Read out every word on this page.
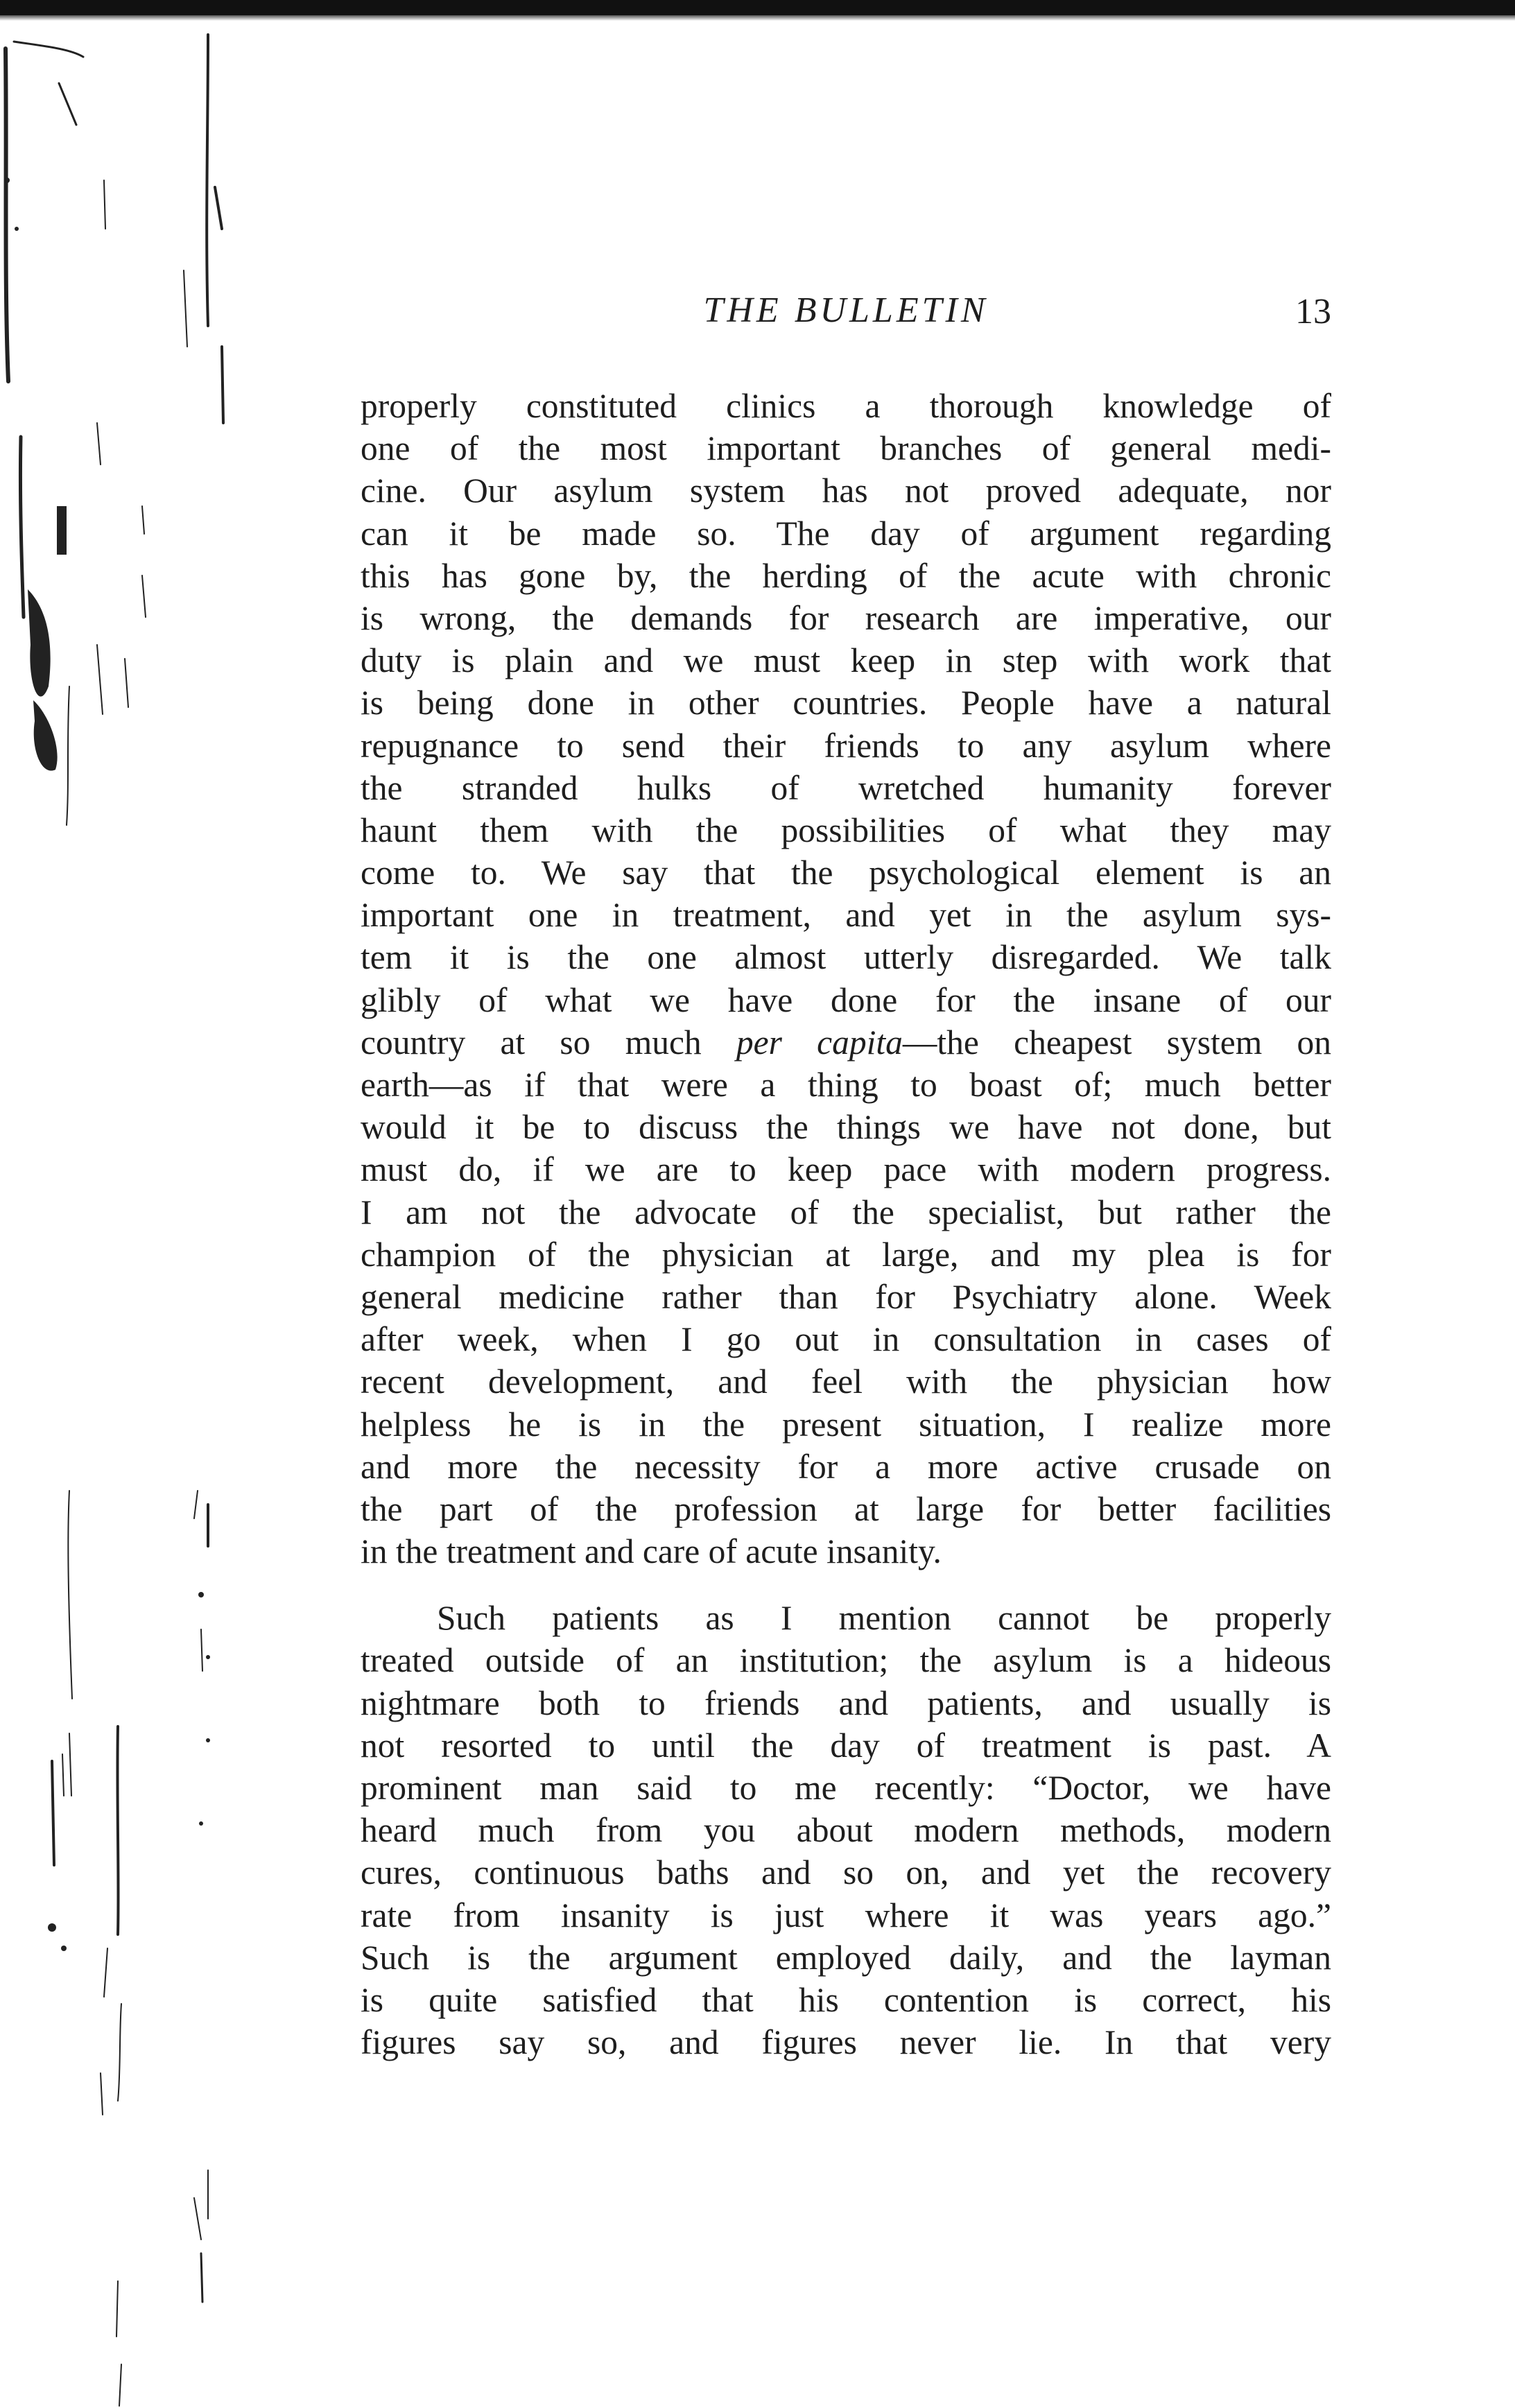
THE BULLETIN	13
properly constituted clinics a thorough knowledge of
one of the most important branches of general medi-
cine. Our asylum system has not proved adequate, nor
can it be made so. The day of argument regarding
this has gone by, the herding of the acute with chronic
is wrong, the demands for research are imperative, our
duty is plain and we must keep in step with work that
is being done in other countries. People have a natural
repugnance to send their friends to any asylum where
the stranded hulks of wretched humanity forever
haunt them with the possibilities of what they may
come to. We say that the psychological element is an
important one in treatment, and yet in the asylum sys-
tem it is the one almost utterly disregarded. We talk
glibly of what we have done for the insane of our
country at so much per capita—the cheapest system on
earth—as if that were a thing to boast of; much better
would it be to discuss the things we have not done, but
must do, if we are to keep pace with modern progress.
I am not the advocate of the specialist, but rather the
champion of the physician at large, and my plea is for
general medicine rather than for Psychiatry alone. Week
after week, when I go out in consultation in cases of
recent development, and feel with the physician how
helpless he is in the present situation, I realize more
and more the necessity for a more active crusade on
the part of the profession at large for better facilities
in the treatment and care of acute insanity.
Such patients as I mention cannot be properly
treated outside of an institution; the asylum is a hideous
nightmare both to friends and patients, and usually is
not resorted to until the day of treatment is past. A
prominent man said to me recently: “Doctor, we have
heard much from you about modern methods, modern
cures, continuous baths and so on, and yet the recovery
rate from insanity is just where it was years ago.”
Such is the argument employed daily, and the layman
is quite satisfied that his contention is correct, his
figures say so, and figures never lie. In that very
